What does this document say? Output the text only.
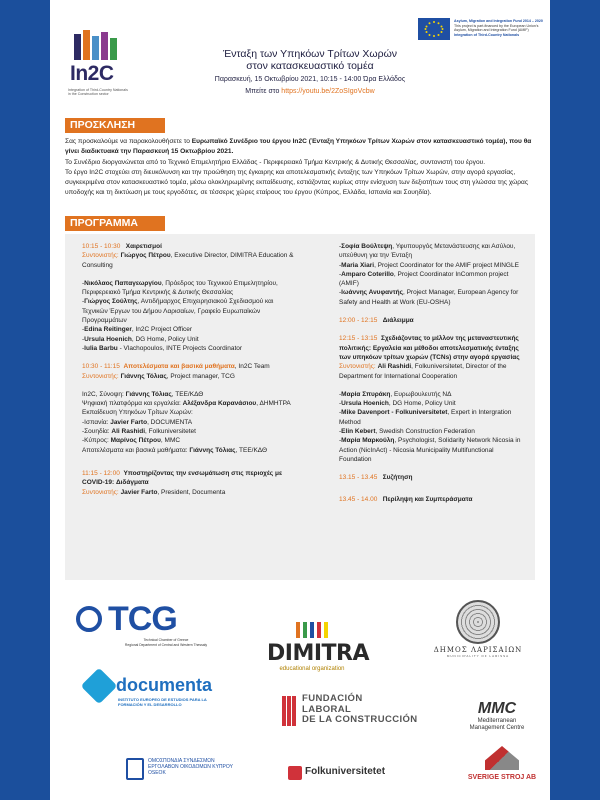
In2C
Integration of Third-Country Nationals in the Construction sector
Ένταξη των Υπηκόων Τρίτων Χωρών
στον κατασκευαστικό τομέα
Παρασκευή, 15 Οκτωβρίου 2021, 10:15 - 14:00 Ώρα Ελλάδος
Μπείτε στο https://youtu.be/2ZoSIgoVcbw
Asylum, Migration and Integration Fund 2014 – 2020
This project is part-financed by the European Union's Asylum, Migration and Integration Fund (AMIF)
Integration of Third-Country Nationals
ΠΡΟΣΚΛΗΣΗ
Σας προσκαλούμε να παρακολουθήσετε το Ευρωπαϊκό Συνέδριο του έργου In2C (Ένταξη Υπηκόων Τρίτων Χωρών στον κατασκευαστικό τομέα), που θα γίνει διαδικτυακά την Παρασκευή 15 Οκτωβρίου 2021.
Το Συνέδριο διοργανώνεται από το Τεχνικό Επιμελητήριο Ελλάδας - Περιφερειακό Τμήμα Κεντρικής & Δυτικής Θεσσαλίας, συντονιστή του έργου.
Το έργο In2C στοχεύει στη διευκόλυνση και την προώθηση της έγκαιρης και αποτελεσματικής ένταξης των Υπηκόων Τρίτων Χωρών, στην αγορά εργασίας, συγκεκριμένα στον κατασκευαστικό τομέα, μέσω ολοκληρωμένης εκπαίδευσης, εστιάζοντας κυρίως στην ενίσχυση των δεξιοτήτων τους στη γλώσσα της χώρας υποδοχής και τη δικτύωση με τους εργοδότες, σε τέσσερις χώρες εταίρους του έργου (Κύπρος, Ελλάδα, Ισπανία και Σουηδία).
ΠΡΟΓΡΑΜΜΑ
10:15 - 10:30 Χαιρετισμοί
Συντονιστής: Γιώργος Πέτρου, Executive Director, DIMITRA Education & Consulting
-Νικόλαος Παπαγεωργίου, Πρόεδρος του Τεχνικού Επιμελητηρίου, Περιφερειακό Τμήμα Κεντρικής & Δυτικής Θεσσαλίας
-Γιώργος Σούλτης, Αντιδήμαρχος Επιχειρησιακού Σχεδιασμού και Τεχνικών Έργων του Δήμου Λαρισαίων, Γραφείο Ευρωπαϊκών Προγραμμάτων
-Edina Reitinger, In2C Project Officer
-Ursula Hoenich, DG Home, Policy Unit
-Iulia Barbu - Vlachopoulos, INTE Projects Coordinator
10:30 - 11:15 Αποτελέσματα και βασικά μαθήματα, In2C Team
Συντονιστής: Γιάννης Τόλιας, Project manager, TCG
In2C, Σύνοψη: Γιάννης Τόλιας, ΤΕΕ/ΚΔΘ
Ψηφιακή πλατφόρμα και εργαλεία: Αλέξανδρα Καρανάσιου, ΔΗΜΗΤΡΑ
Εκπαίδευση Υπηκόων Τρίτων Χωρών:
-Ισπανία: Javier Farto, DOCUMENTA
-Σουηδία: Ali Rashidi, Folkuniversitetet
-Κύπρος: Μαρίνος Πέτρου, MMC
Αποτελέσματα και βασικά μαθήματα: Γιάννης Τόλιας, ΤΕΕ/ΚΔΘ
11:15 - 12:00 Υποστηρίζοντας την ενσωμάτωση στις περιοχές με COVID-19: Διδάγματα
Συντονιστής: Javier Farto, President, Documenta
-Σοφία Βούλτεψη, Υφυπουργός Μετανάστευσης και Ασύλου, υπεύθυνη για την Ένταξη
-Maria Xiari, Project Coordinator for the AMIF project MINGLE
-Amparo Coterillo, Project Coordinator InCommon project (AMIF)
-Ιωάννης Ανυφαντής, Project Manager, European Agency for Safety and Health at Work (EU-OSHA)
12:00 - 12:15 Διάλειμμα
12:15 - 13:15 Σχεδιάζοντας το μέλλον της μεταναστευτικής πολιτικής: Εργαλεία και μέθοδοι αποτελεσματικής ένταξης των υπηκόων τρίτων χωρών (TCNs) στην αγορά εργασίας
Συντονιστής: Ali Rashidi, Folkuniversitetet, Director of the Department for International Cooperation
-Μαρία Σπυράκη, Ευρωβουλευτής ΝΔ
-Ursula Hoenich, DG Home, Policy Unit
-Mike Davenport - Folkuniversitetet, Expert in Intergration Method
-Elin Kebert, Swedish Construction Federation
-Μαρία Μαρκούλη, Psychologist, Solidarity Network Nicosia in Action (NicInAct) - Nicosia Municipality Multifunctional Foundation
13.15 - 13.45 Συζήτηση
13.45 - 14.00 Περίληψη και Συμπεράσματα
TCG
Technical Chamber of Greece
Regional Department of Central and Western Thessaly	DIMITRA
educational organization
ΔΗΜΟΣ ΛΑΡΙΣΑΙΩΝ
MUNICIPALITY OF LARISSA
documenta
INSTITUTO EUROPEO DE ESTUDIOS PARA LA FORMACIÓN Y EL DESARROLLO
FUNDACIÓN
LABORAL
DE LA CONSTRUCCIÓN
MMC
Mediterranean
Management Centre
ΟΜΟΣΠΟΝΔΙΑ ΣΥΝΔΕΣΜΩΝ
ΕΡΓΟΛΑΒΩΝ ΟΙΚΟΔΟΜΩΝ ΚΥΠΡΟΥ
OSEOK	Folkuniversitetet
SVERIGE STROJ AB
